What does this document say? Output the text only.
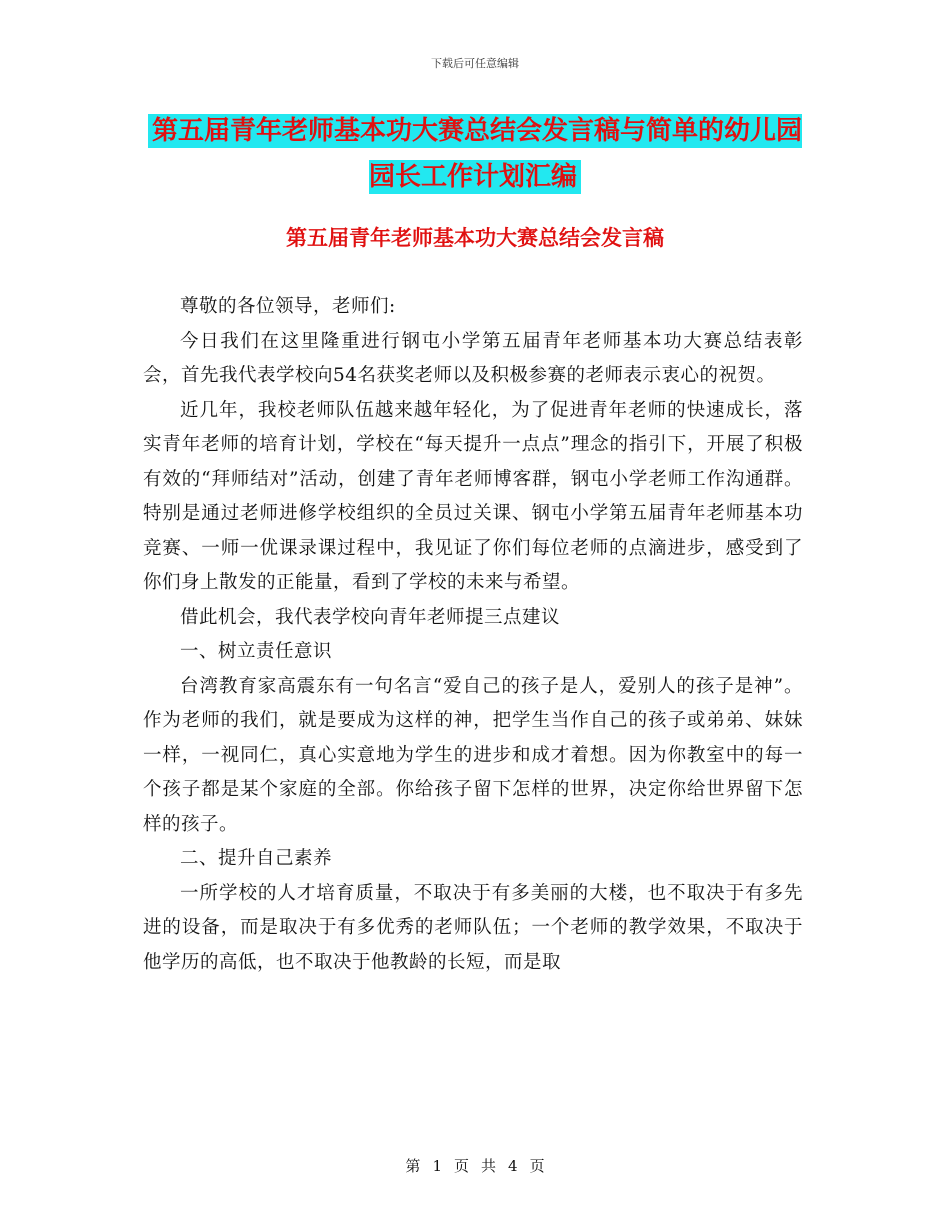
下载后可任意编辑
第五届青年老师基本功大赛总结会发言稿与简单的幼儿园园长工作计划汇编
第五届青年老师基本功大赛总结会发言稿

尊敬的各位领导，老师们:

今日我们在这里隆重进行钢屯小学第五届青年老师基本功大赛总结表彰会，首先我代表学校向54名获奖老师以及积极参赛的老师表示衷心的祝贺。

近几年，我校老师队伍越来越年轻化，为了促进青年老师的快速成长，落实青年老师的培育计划，学校在“每天提升一点点”理念的指引下，开展了积极有效的“拜师结对”活动，创建了青年老师博客群，钢屯小学老师工作沟通群。特别是通过老师进修学校组织的全员过关课、钢屯小学第五届青年老师基本功竞赛、一师一优课录课过程中，我见证了你们每位老师的点滴进步，感受到了你们身上散发的正能量，看到了学校的未来与希望。

借此机会，我代表学校向青年老师提三点建议

一、树立责任意识

台湾教育家高震东有一句名言“爱自己的孩子是人，爱别人的孩子是神”。作为老师的我们，就是要成为这样的神，把学生当作自己的孩子或弟弟、妹妹一样，一视同仁，真心实意地为学生的进步和成才着想。因为你教室中的每一个孩子都是某个家庭的全部。你给孩子留下怎样的世界，决定你给世界留下怎样的孩子。

二、提升自己素养

一所学校的人才培育质量，不取决于有多美丽的大楼，也不取决于有多先进的设备，而是取决于有多优秀的老师队伍；一个老师的教学效果，不取决于他学历的高低，也不取决于他教龄的长短，而是取

第 1 页 共 4 页
